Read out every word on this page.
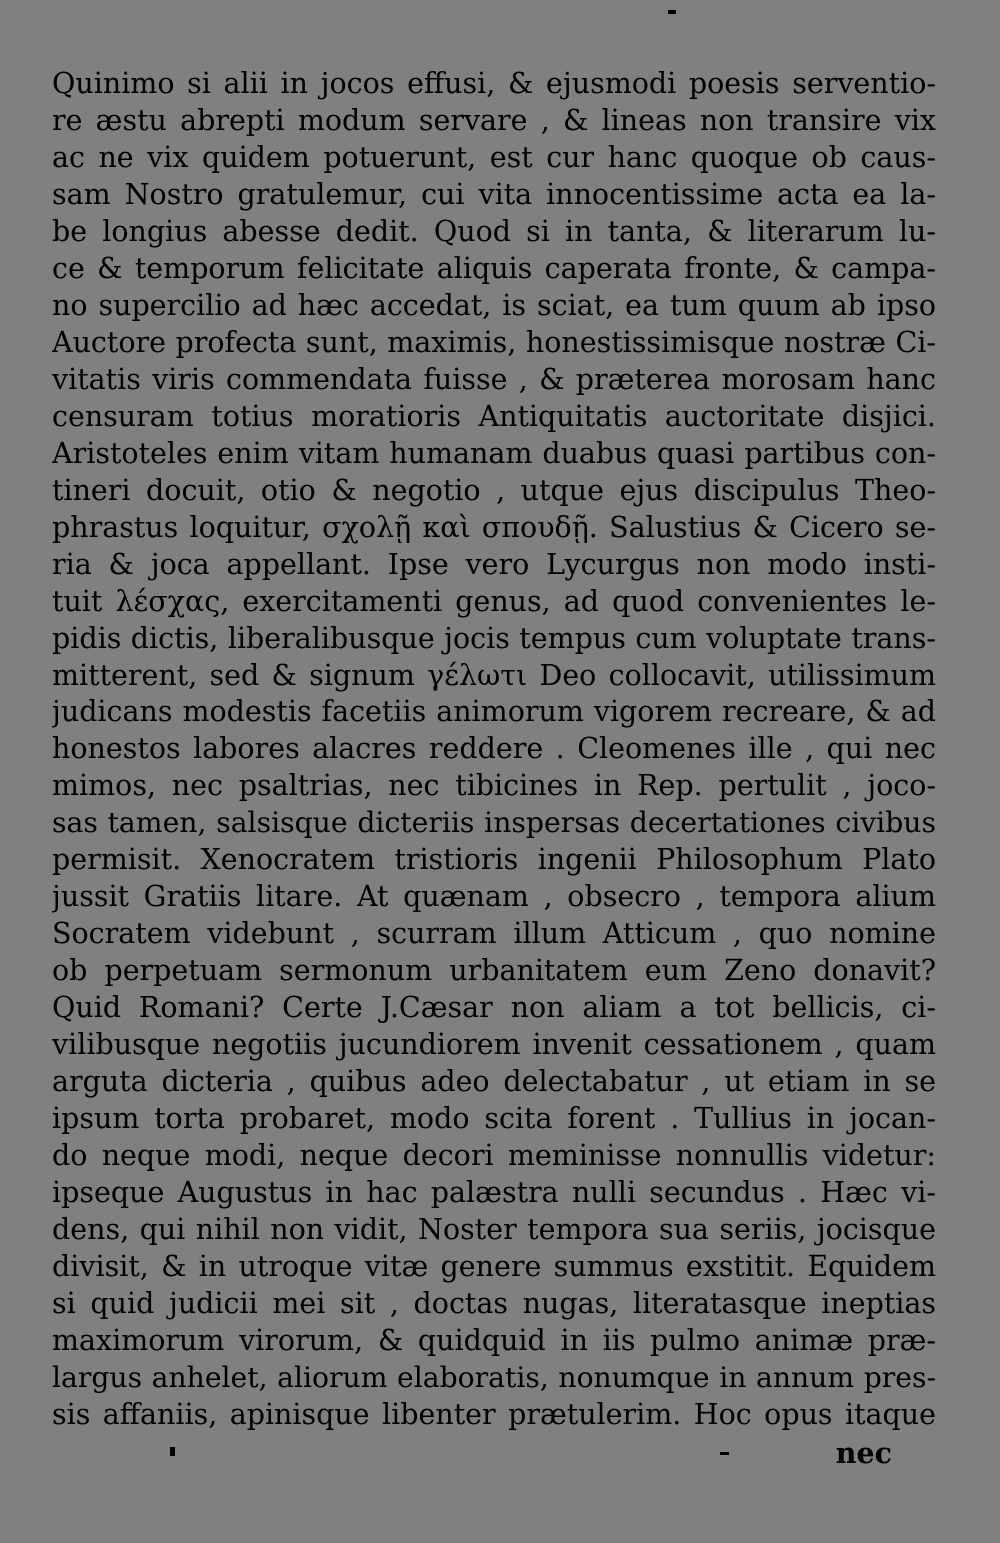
Quinimo si alii in jocos effusi, & ejusmodi poesis serventio-
re æstu abrepti modum servare , & lineas non transire vix
ac ne vix quidem potuerunt, est cur hanc quoque ob caus-
sam Nostro gratulemur, cui vita innocentissime acta ea la-
be longius abesse dedit. Quod si in tanta, & literarum lu-
ce & temporum felicitate aliquis caperata fronte, & campa-
no supercilio ad hæc accedat, is sciat, ea tum quum ab ipso
Auctore profecta sunt, maximis, honestissimisque nostræ Ci-
vitatis viris commendata fuisse , & præterea morosam hanc
censuram totius moratioris Antiquitatis auctoritate disjici.
Aristoteles enim vitam humanam duabus quasi partibus con-
tineri docuit, otio & negotio , utque ejus discipulus Theo-
phrastus loquitur, σχολῇ καὶ σπουδῇ. Salustius & Cicero se-
ria & joca appellant. Ipse vero Lycurgus non modo insti-
tuit λέσχας, exercitamenti genus, ad quod convenientes le-
pidis dictis, liberalibusque jocis tempus cum voluptate trans-
mitterent, sed & signum γέλωτι Deo collocavit, utilissimum
judicans modestis facetiis animorum vigorem recreare, & ad
honestos labores alacres reddere . Cleomenes ille , qui nec
mimos, nec psaltrias, nec tibicines in Rep. pertulit , joco-
sas tamen, salsisque dicteriis inspersas decertationes civibus
permisit. Xenocratem tristioris ingenii Philosophum Plato
jussit Gratiis litare. At quænam , obsecro , tempora alium
Socratem videbunt , scurram illum Atticum , quo nomine
ob perpetuam sermonum urbanitatem eum Zeno donavit?
Quid Romani? Certe J.Cæsar non aliam a tot bellicis, ci-
vilibusque negotiis jucundiorem invenit cessationem , quam
arguta dicteria , quibus adeo delectabatur , ut etiam in se
ipsum torta probaret, modo scita forent . Tullius in jocan-
do neque modi, neque decori meminisse nonnullis videtur:
ipseque Augustus in hac palæstra nulli secundus . Hæc vi-
dens, qui nihil non vidit, Noster tempora sua seriis, jocisque
divisit, & in utroque vitæ genere summus exstitit. Equidem
si quid judicii mei sit , doctas nugas, literatasque ineptias
maximorum virorum, & quidquid in iis pulmo animæ præ-
largus anhelet, aliorum elaboratis, nonumque in annum pres-
sis affaniis, apinisque libenter prætulerim. Hoc opus itaque
nec
